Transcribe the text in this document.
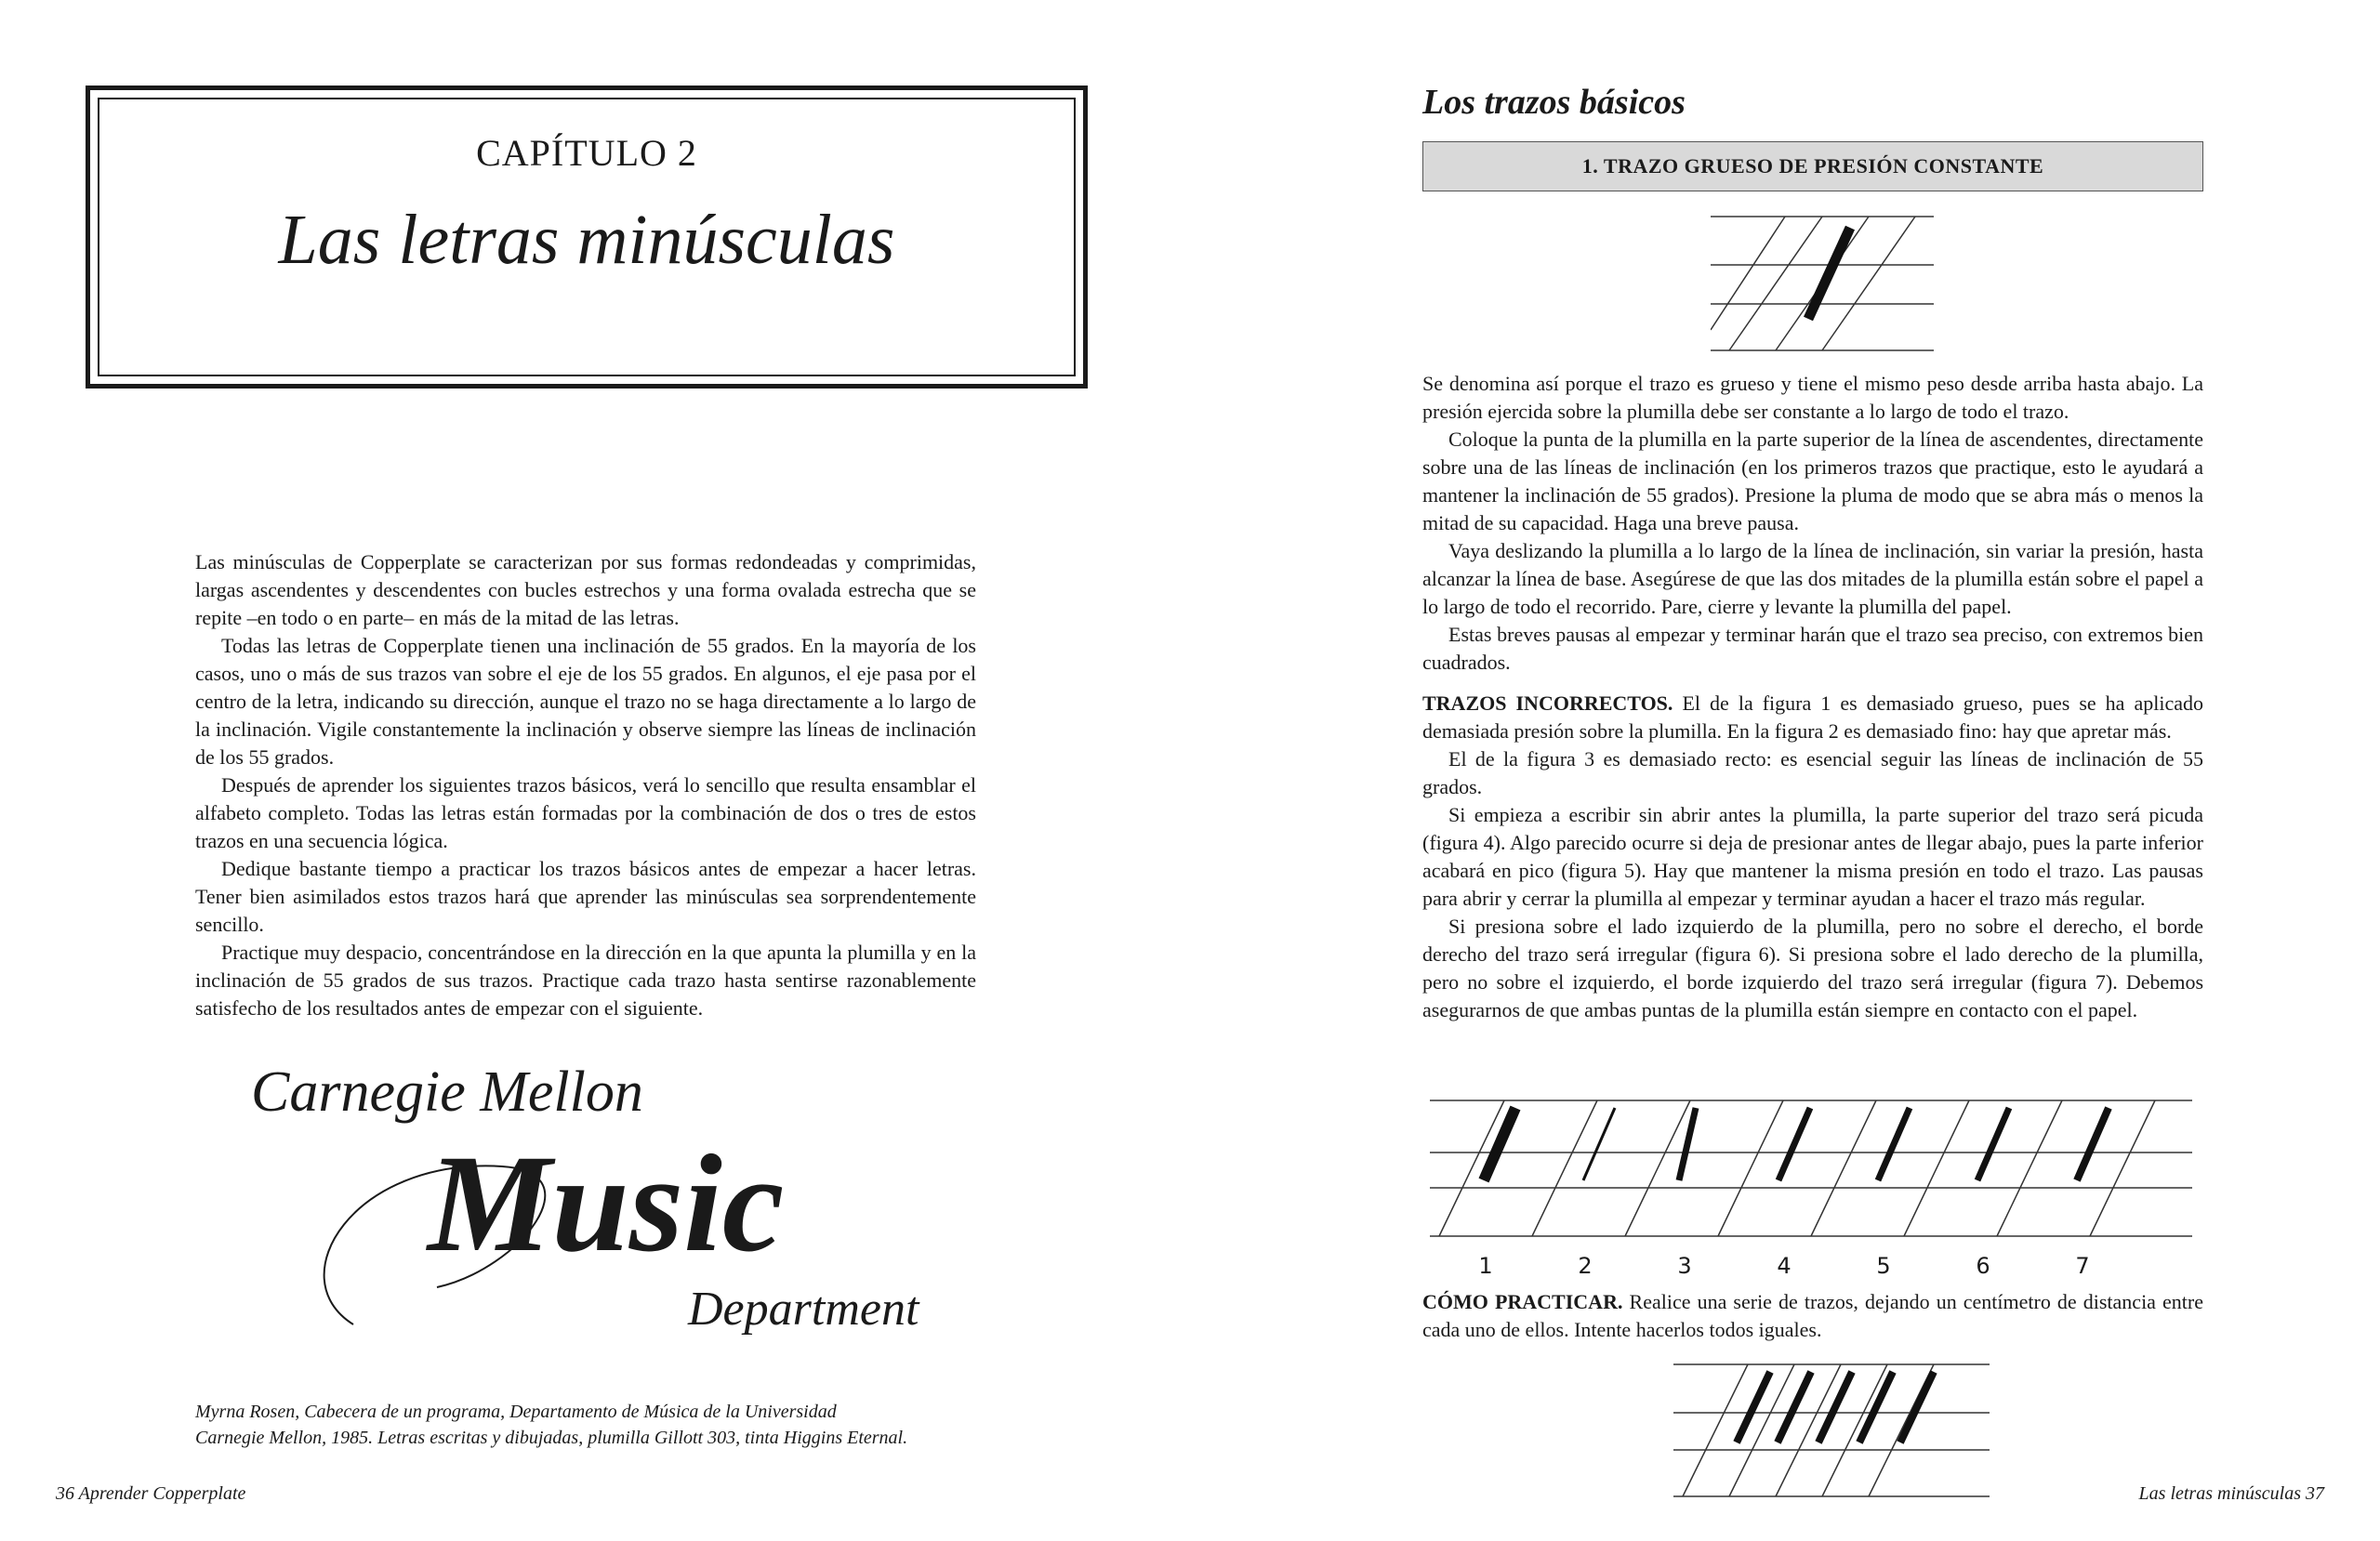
CAPÍTULO 2
Las letras minúsculas

Las minúsculas de Copperplate se caracterizan por sus formas redondeadas y comprimidas, largas ascendentes y descendentes con bucles estrechos y una forma ovalada estrecha que se repite –en todo o en parte– en más de la mitad de las letras.

Todas las letras de Copperplate tienen una inclinación de 55 grados. En la mayoría de los casos, uno o más de sus trazos van sobre el eje de los 55 grados. En algunos, el eje pasa por el centro de la letra, indicando su dirección, aunque el trazo no se haga directamente a lo largo de la inclinación. Vigile constantemente la inclinación y observe siempre las líneas de inclinación de los 55 grados.

Después de aprender los siguientes trazos básicos, verá lo sencillo que resulta ensamblar el alfabeto completo. Todas las letras están formadas por la combinación de dos o tres de estos trazos en una secuencia lógica.

Dedique bastante tiempo a practicar los trazos básicos antes de empezar a hacer letras. Tener bien asimilados estos trazos hará que aprender las minúsculas sea sorprendentemente sencillo.

Practique muy despacio, concentrándose en la dirección en la que apunta la plumilla y en la inclinación de 55 grados de sus trazos. Practique cada trazo hasta sentirse razonablemente satisfecho de los resultados antes de empezar con el siguiente.

Carnegie Mellon
Music
Department
Myrna Rosen, Cabecera de un programa, Departamento de Música de la Universidad
Carnegie Mellon, 1985. Letras escritas y dibujadas, plumilla Gillott 303, tinta Higgins Eternal.
36 Aprender Copperplate
Los trazos básicos
1. TRAZO GRUESO DE PRESIÓN CONSTANTE

Se denomina así porque el trazo es grueso y tiene el mismo peso desde arriba hasta abajo. La presión ejercida sobre la plumilla debe ser constante a lo largo de todo el trazo.

Coloque la punta de la plumilla en la parte superior de la línea de ascendentes, directamente sobre una de las líneas de inclinación (en los primeros trazos que practique, esto le ayudará a mantener la inclinación de 55 grados). Presione la pluma de modo que se abra más o menos la mitad de su capacidad. Haga una breve pausa.

Vaya deslizando la plumilla a lo largo de la línea de inclinación, sin variar la presión, hasta alcanzar la línea de base. Asegúrese de que las dos mitades de la plumilla están sobre el papel a lo largo de todo el recorrido. Pare, cierre y levante la plumilla del papel.

Estas breves pausas al empezar y terminar harán que el trazo sea preciso, con extremos bien cuadrados.

TRAZOS INCORRECTOS. El de la figura 1 es demasiado grueso, pues se ha aplicado demasiada presión sobre la plumilla. En la figura 2 es demasiado fino: hay que apretar más.

El de la figura 3 es demasiado recto: es esencial seguir las líneas de inclinación de 55 grados.

Si empieza a escribir sin abrir antes la plumilla, la parte superior del trazo será picuda (figura 4). Algo parecido ocurre si deja de presionar antes de llegar abajo, pues la parte inferior acabará en pico (figura 5). Hay que mantener la misma presión en todo el trazo. Las pausas para abrir y cerrar la plumilla al empezar y terminar ayudan a hacer el trazo más regular.

Si presiona sobre el lado izquierdo de la plumilla, pero no sobre el derecho, el borde derecho del trazo será irregular (figura 6). Si presiona sobre el lado derecho de la plumilla, pero no sobre el izquierdo, el borde izquierdo del trazo será irregular (figura 7). Debemos asegurarnos de que ambas puntas de la plumilla están siempre en contacto con el papel.

1	2	3	4	5	6	7

CÓMO PRACTICAR. Realice una serie de trazos, dejando un centímetro de distancia entre cada uno de ellos. Intente hacerlos todos iguales.

Las letras minúsculas 37
